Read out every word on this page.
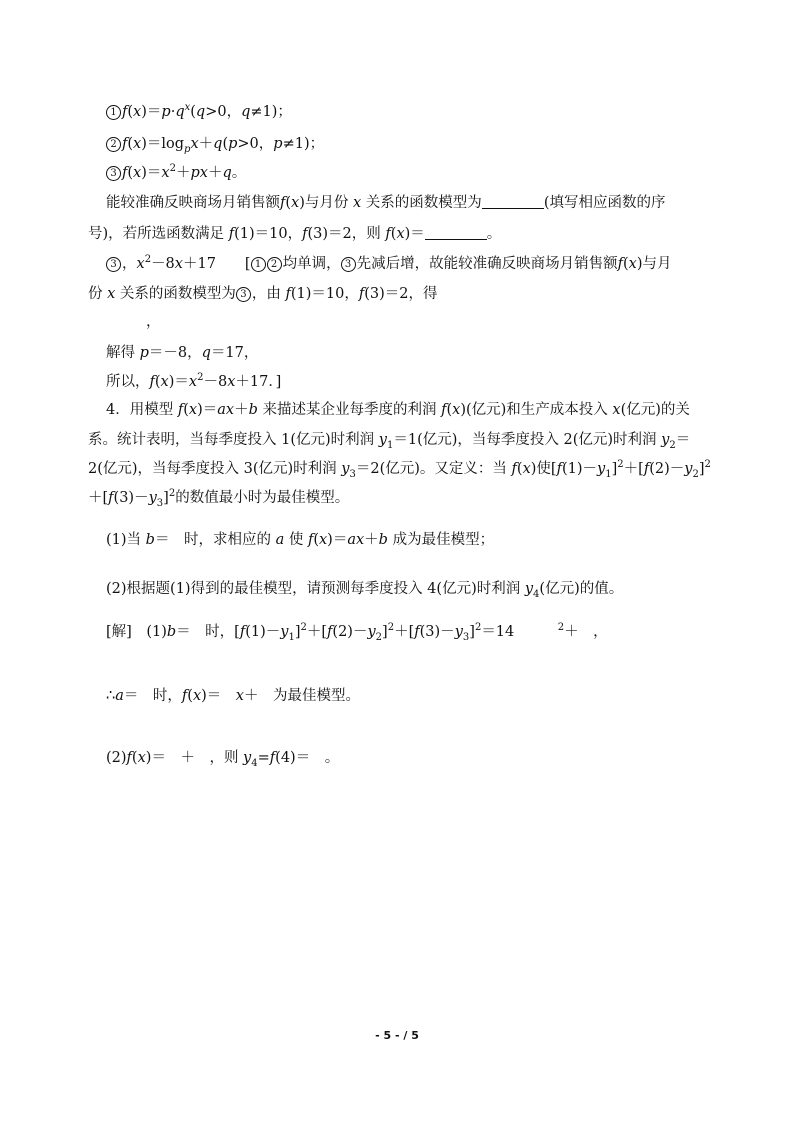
1 $f(x)=p\cdot q^x(q>0$，q≠1)；
2 $f(x)=\log_px+q(p>0$，p≠1)；
3 $f(x)=x^2+px+q$。
能较准确反映商场月销售额f(x)与月份 x 关系的函数模型为	(填写相应函数的序
号)，若所选函数满足 f(1)＝10，f(3)＝2，则 f(x)＝	。
3 ，$x^2-8x+17$　　[ 1 2 均单调， 3 先减后增，故能较准确反映商场月销售额f(x)与月
份 x 关系的函数模型为 3 ，由 f(1)＝10，f(3)＝2，得
，
解得 p＝－8，q＝17，
所以，$f(x)=x^2-8x+17$．]
4．用模型 f(x)＝ax＋b 来描述某企业每季度的利润 f(x)(亿元)和生产成本投入 x(亿元)的关
系。统计表明，当每季度投入 1(亿元)时利润 $y_1=1$(亿元)，当每季度投入 2(亿元)时利润 $y_2=$
2(亿元)，当每季度投入 3(亿元)时利润 $y_3=2$(亿元)。又定义：当 f(x)使$[f(1)-y_1]^2+[f(2)-y_2]^2$
$+[f(3)-y_3]^2$的数值最小时为最佳模型。
(1)当 b＝　时，求相应的 a 使 f(x)＝ax＋b 成为最佳模型；
(2)根据题(1)得到的最佳模型，请预测每季度投入 4(亿元)时利润 $y_4$(亿元)的值。
[解]　(1)b＝　时，$[f(1)-y_1]^2+[f(2)-y_2]^2+[f(3)-y_3]^2=14$　　　$^2$＋　，
∴a＝　时，f(x)＝　x＋　为最佳模型。
(2)f(x)＝　＋　，则 $y_4=f(4)=$　。
- 5 - / 5
